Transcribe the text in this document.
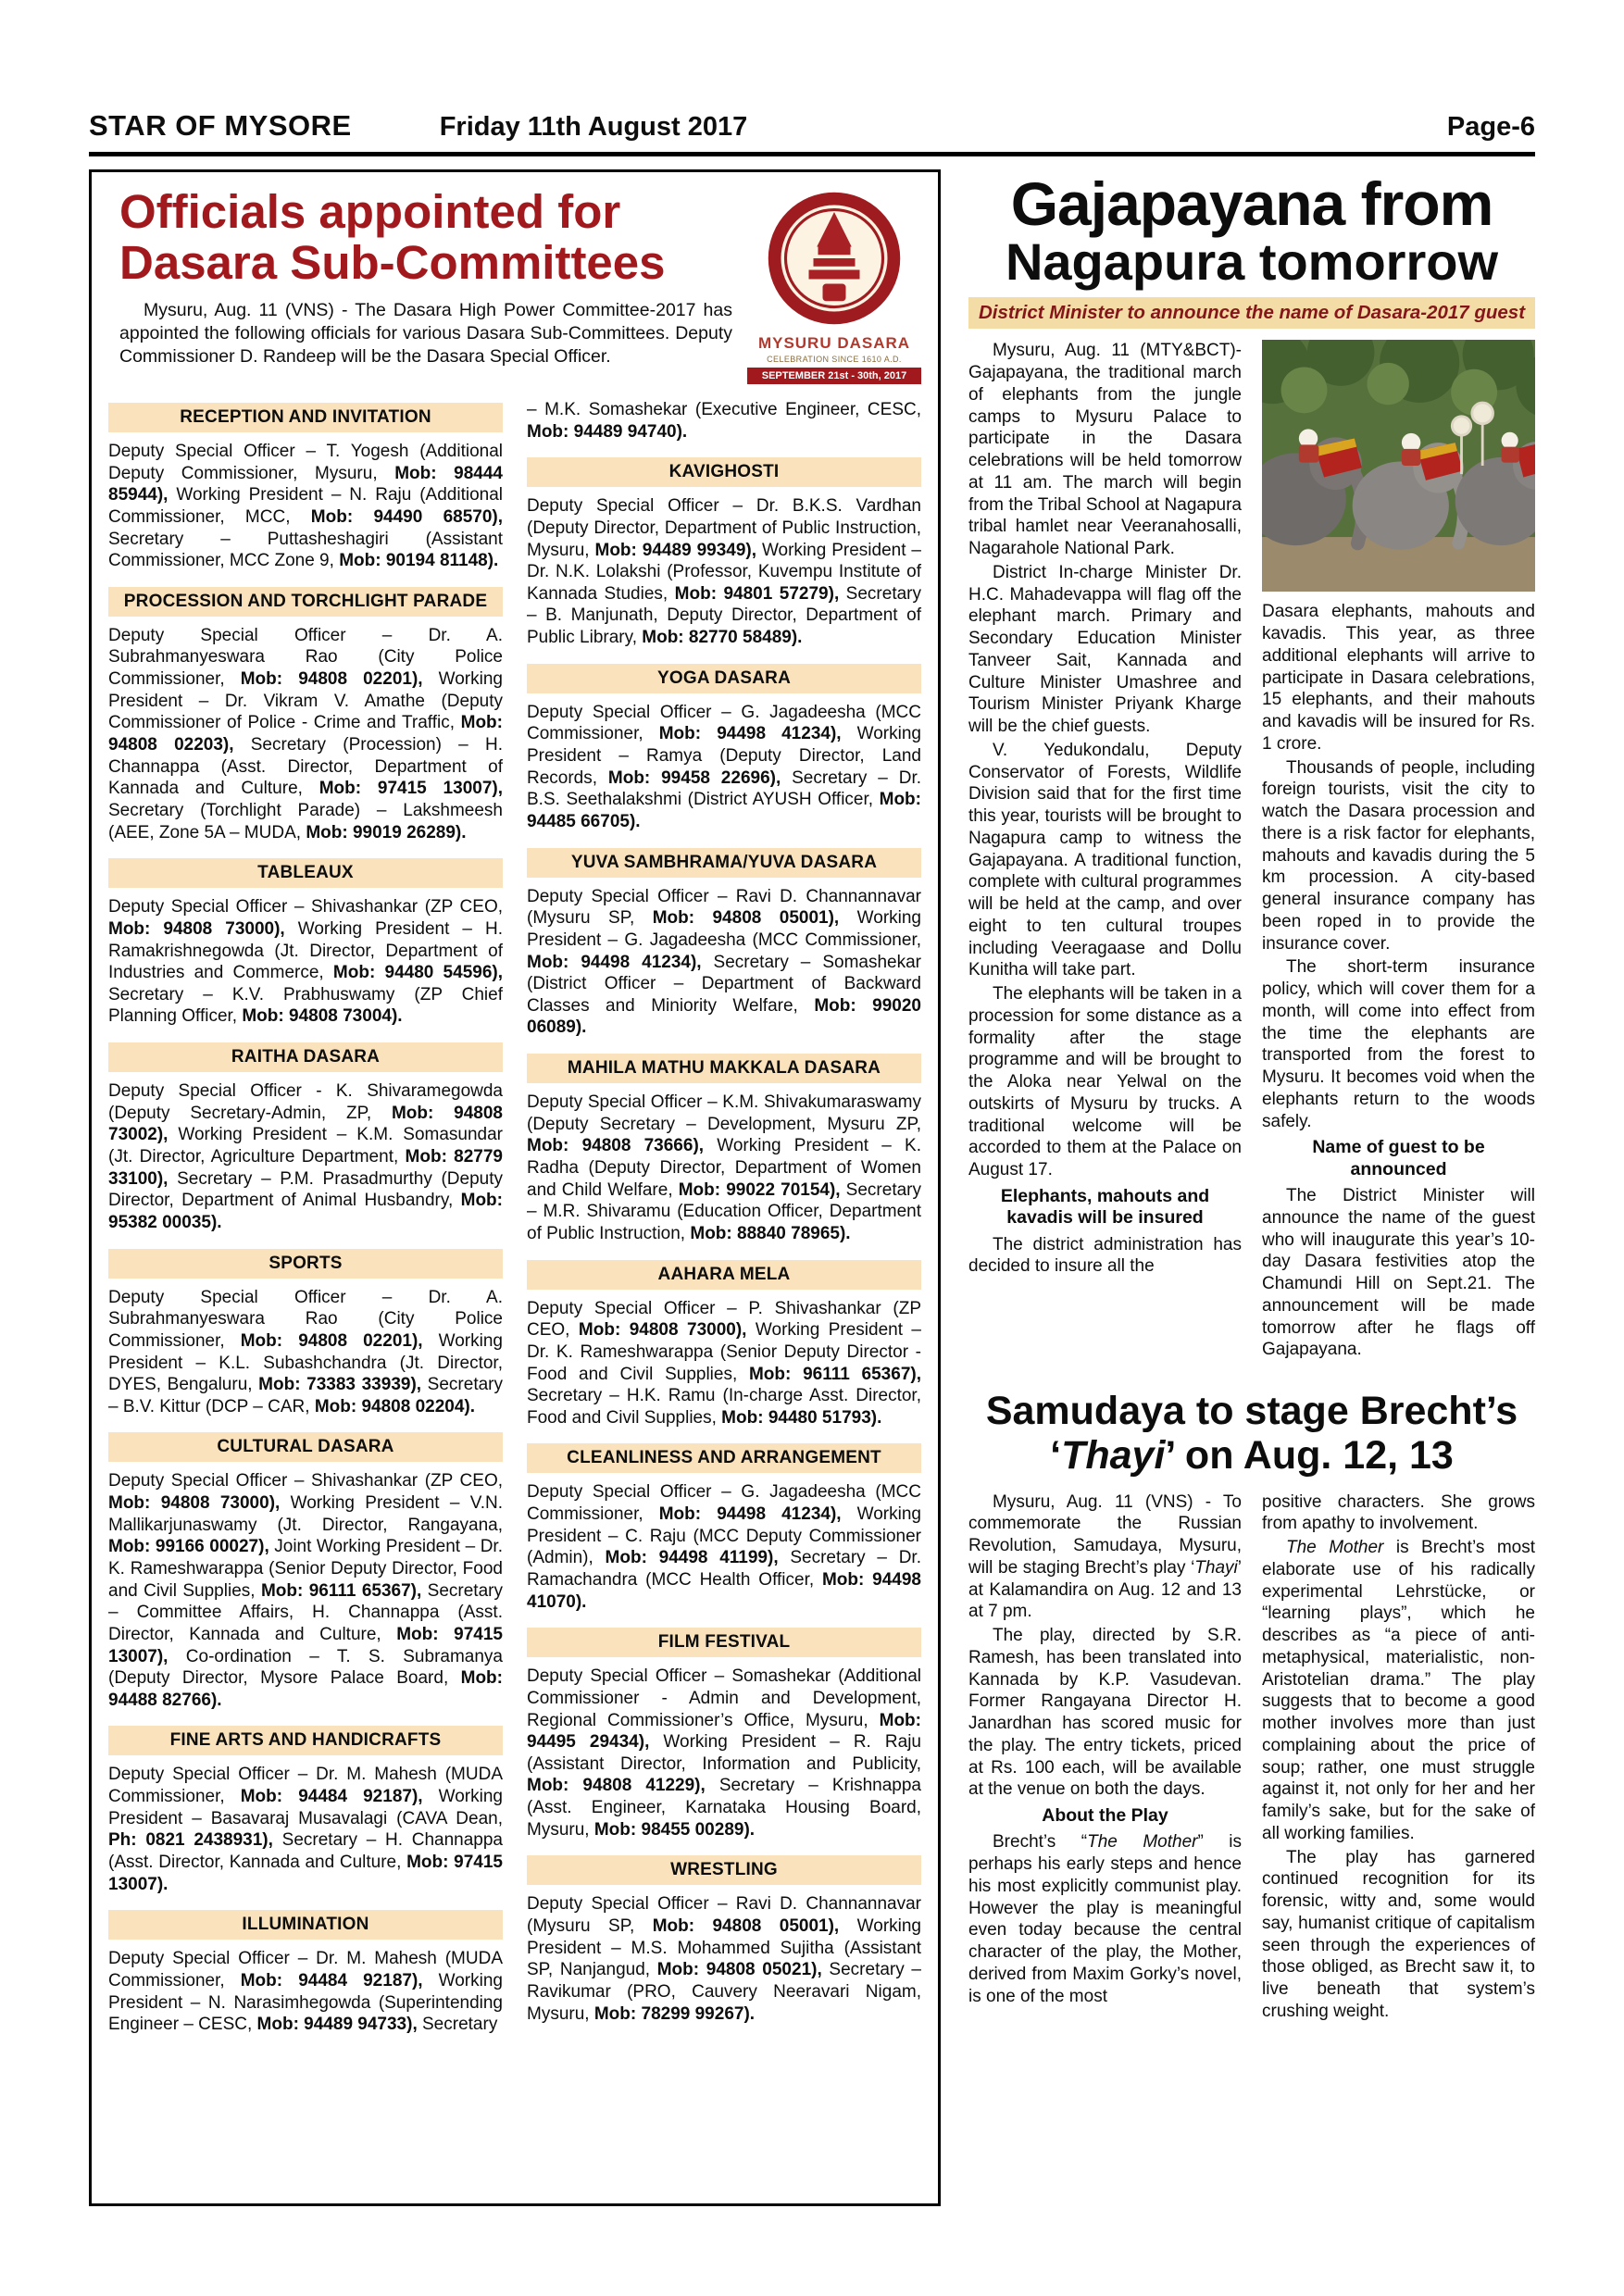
STAR OF MYSORE	Friday 11th August 2017	Page-6
MYSURU DASARA
CELEBRATION SINCE 1610 A.D.
SEPTEMBER 21st - 30th, 2017
Officials appointed for
Dasara Sub-Committees

Mysuru, Aug. 11 (VNS) - The Dasara High Power Committee-2017 has appointed the following officials for various Dasara Sub-Committees. Deputy Commissioner D. Randeep will be the Dasara Special Officer.

RECEPTION AND INVITATION

Deputy Special Officer – T. Yogesh (Additional Deputy Commissioner, Mysuru, Mob: 98444 85944), Working President – N. Raju (Additional Commissioner, MCC, Mob: 94490 68570), Secretary – Puttasheshagiri (Assistant Commissioner, MCC Zone 9, Mob: 90194 81148).

PROCESSION AND TORCHLIGHT PARADE

Deputy Special Officer – Dr. A. Subrahmanyeswara Rao (City Police Commissioner, Mob: 94808 02201), Working President – Dr. Vikram V. Amathe (Deputy Commissioner of Police - Crime and Traffic, Mob: 94808 02203), Secretary (Procession) – H. Channappa (Asst. Director, Department of Kannada and Culture, Mob: 97415 13007), Secretary (Torchlight Parade) – Lakshmeesh (AEE, Zone 5A – MUDA, Mob: 99019 26289).

TABLEAUX

Deputy Special Officer – Shivashankar (ZP CEO, Mob: 94808 73000), Working President – H. Ramakrishnegowda (Jt. Director, Department of Industries and Commerce, Mob: 94480 54596), Secretary – K.V. Prabhuswamy (ZP Chief Planning Officer, Mob: 94808 73004).

RAITHA DASARA

Deputy Special Officer - K. Shivaramegowda (Deputy Secretary-Admin, ZP, Mob: 94808 73002), Working President – K.M. Somasundar (Jt. Director, Agriculture Department, Mob: 82779 33100), Secretary – P.M. Prasadmurthy (Deputy Director, Department of Animal Husbandry, Mob: 95382 00035).

SPORTS

Deputy Special Officer – Dr. A. Subrahmanyeswara Rao (City Police Commissioner, Mob: 94808 02201), Working President – K.L. Subashchandra (Jt. Director, DYES, Bengaluru, Mob: 73383 33939), Secretary – B.V. Kittur (DCP – CAR, Mob: 94808 02204).

CULTURAL DASARA

Deputy Special Officer – Shivashankar (ZP CEO, Mob: 94808 73000), Working President – V.N. Mallikarjunaswamy (Jt. Director, Rangayana, Mob: 99166 00027), Joint Working President – Dr. K. Rameshwarappa (Senior Deputy Director, Food and Civil Supplies, Mob: 96111 65367), Secretary – Committee Affairs, H. Channappa (Asst. Director, Kannada and Culture, Mob: 97415 13007), Co-ordination – T. S. Subramanya (Deputy Director, Mysore Palace Board, Mob: 94488 82766).

FINE ARTS AND HANDICRAFTS

Deputy Special Officer – Dr. M. Mahesh (MUDA Commissioner, Mob: 94484 92187), Working President – Basavaraj Musavalagi (CAVA Dean, Ph: 0821 2438931), Secretary – H. Channappa (Asst. Director, Kannada and Culture, Mob: 97415 13007).

ILLUMINATION

Deputy Special Officer – Dr. M. Mahesh (MUDA Commissioner, Mob: 94484 92187), Working President – N. Narasimhegowda (Superintending Engineer – CESC, Mob: 94489 94733), Secretary

– M.K. Somashekar (Executive Engineer, CESC, Mob: 94489 94740).

KAVIGHOSTI

Deputy Special Officer – Dr. B.K.S. Vardhan (Deputy Director, Department of Public Instruction, Mysuru, Mob: 94489 99349), Working President – Dr. N.K. Lolakshi (Professor, Kuvempu Institute of Kannada Studies, Mob: 94801 57279), Secretary – B. Manjunath, Deputy Director, Department of Public Library, Mob: 82770 58489).

YOGA DASARA

Deputy Special Officer – G. Jagadeesha (MCC Commissioner, Mob: 94498 41234), Working President – Ramya (Deputy Director, Land Records, Mob: 99458 22696), Secretary – Dr. B.S. Seethalakshmi (District AYUSH Officer, Mob: 94485 66705).

YUVA SAMBHRAMA/YUVA DASARA

Deputy Special Officer – Ravi D. Channannavar (Mysuru SP, Mob: 94808 05001), Working President – G. Jagadeesha (MCC Commissioner, Mob: 94498 41234), Secretary – Somashekar (District Officer – Department of Backward Classes and Miniority Welfare, Mob: 99020 06089).

MAHILA MATHU MAKKALA DASARA

Deputy Special Officer – K.M. Shivakumaraswamy (Deputy Secretary – Development, Mysuru ZP, Mob: 94808 73666), Working President – K. Radha (Deputy Director, Department of Women and Child Welfare, Mob: 99022 70154), Secretary – M.R. Shivaramu (Education Officer, Department of Public Instruction, Mob: 88840 78965).

AAHARA MELA

Deputy Special Officer – P. Shivashankar (ZP CEO, Mob: 94808 73000), Working President – Dr. K. Rameshwarappa (Senior Deputy Director - Food and Civil Supplies, Mob: 96111 65367), Secretary – H.K. Ramu (In-charge Asst. Director, Food and Civil Supplies, Mob: 94480 51793).

CLEANLINESS AND ARRANGEMENT

Deputy Special Officer – G. Jagadeesha (MCC Commissioner, Mob: 94498 41234), Working President – C. Raju (MCC Deputy Commissioner (Admin), Mob: 94498 41199), Secretary – Dr. Ramachandra (MCC Health Officer, Mob: 94498 41070).

FILM FESTIVAL

Deputy Special Officer – Somashekar (Additional Commissioner - Admin and Development, Regional Commissioner’s Office, Mysuru, Mob: 94495 29434), Working President – R. Raju (Assistant Director, Information and Publicity, Mob: 94808 41229), Secretary – Krishnappa (Asst. Engineer, Karnataka Housing Board, Mysuru, Mob: 98455 00289).

WRESTLING

Deputy Special Officer – Ravi D. Channannavar (Mysuru SP, Mob: 94808 05001), Working President – M.S. Mohammed Sujitha (Assistant SP, Nanjangud, Mob: 94808 05021), Secretary – Ravikumar (PRO, Cauvery Neeravari Nigam, Mysuru, Mob: 78299 99267).

Gajapayana from
Nagapura tomorrow
District Minister to announce the name of Dasara-2017 guest

Mysuru, Aug. 11 (MTY&BCT)- Gajapayana, the traditional march of elephants from the jungle camps to Mysuru Palace to participate in the Dasara celebrations will be held tomorrow at 11 am. The march will begin from the Tribal School at Nagapura tribal hamlet near Veeranahosalli, Nagarahole National Park.

District In-charge Minister Dr. H.C. Mahadevappa will flag off the elephant march. Primary and Secondary Education Minister Tanveer Sait, Kannada and Culture Minister Umashree and Tourism Minister Priyank Kharge will be the chief guests.

V. Yedukondalu, Deputy Conservator of Forests, Wildlife Division said that for the first time this year, tourists will be brought to Nagapura camp to witness the Gajapayana. A traditional function, complete with cultural programmes will be held at the camp, and over eight to ten cultural troupes including Veeragaase and Dollu Kunitha will take part.

The elephants will be taken in a procession for some distance as a formality after the stage programme and will be brought to the Aloka near Yelwal on the outskirts of Mysuru by trucks. A traditional welcome will be accorded to them at the Palace on August 17.

Elephants, mahouts and kavadis will be insured

The district administration has decided to insure all the

Dasara elephants, mahouts and kavadis. This year, as three additional elephants will arrive to participate in Dasara celebrations, 15 elephants, and their mahouts and kavadis will be insured for Rs. 1 crore.

Thousands of people, including foreign tourists, visit the city to watch the Dasara procession and there is a risk factor for elephants, mahouts and kavadis during the 5 km procession. A city-based general insurance company has been roped in to provide the insurance cover.

The short-term insurance policy, which will cover them for a month, will come into effect from the time the elephants are transported from the forest to Mysuru. It becomes void when the elephants return to the woods safely.

Name of guest to be announced

The District Minister will announce the name of the guest who will inaugurate this year’s 10-day Dasara festivities atop the Chamundi Hill on Sept.21. The announcement will be made tomorrow after he flags off Gajapayana.

Samudaya to stage Brecht’s
‘Thayi’ on Aug. 12, 13

Mysuru, Aug. 11 (VNS) - To commemorate the Russian Revolution, Samudaya, Mysuru, will be staging Brecht’s play ‘Thayi’ at Kalamandira on Aug. 12 and 13 at 7 pm.

The play, directed by S.R. Ramesh, has been translated into Kannada by K.P. Vasudevan. Former Rangayana Director H. Janardhan has scored music for the play. The entry tickets, priced at Rs. 100 each, will be available at the venue on both the days.

About the Play

Brecht’s “The Mother” is perhaps his early steps and hence his most explicitly communist play. However the play is meaningful even today because the central character of the play, the Mother, derived from Maxim Gorky’s novel, is one of the most

positive characters. She grows from apathy to involvement.

The Mother is Brecht’s most elaborate use of his radically experimental Lehrstücke, or “learning plays”, which he describes as “a piece of anti-metaphysical, materialistic, non-Aristotelian drama.” The play suggests that to become a good mother involves more than just complaining about the price of soup; rather, one must struggle against it, not only for her and her family’s sake, but for the sake of all working families.

The play has garnered continued recognition for its forensic, witty and, some would say, humanist critique of capitalism seen through the experiences of those obliged, as Brecht saw it, to live beneath that system’s crushing weight.
